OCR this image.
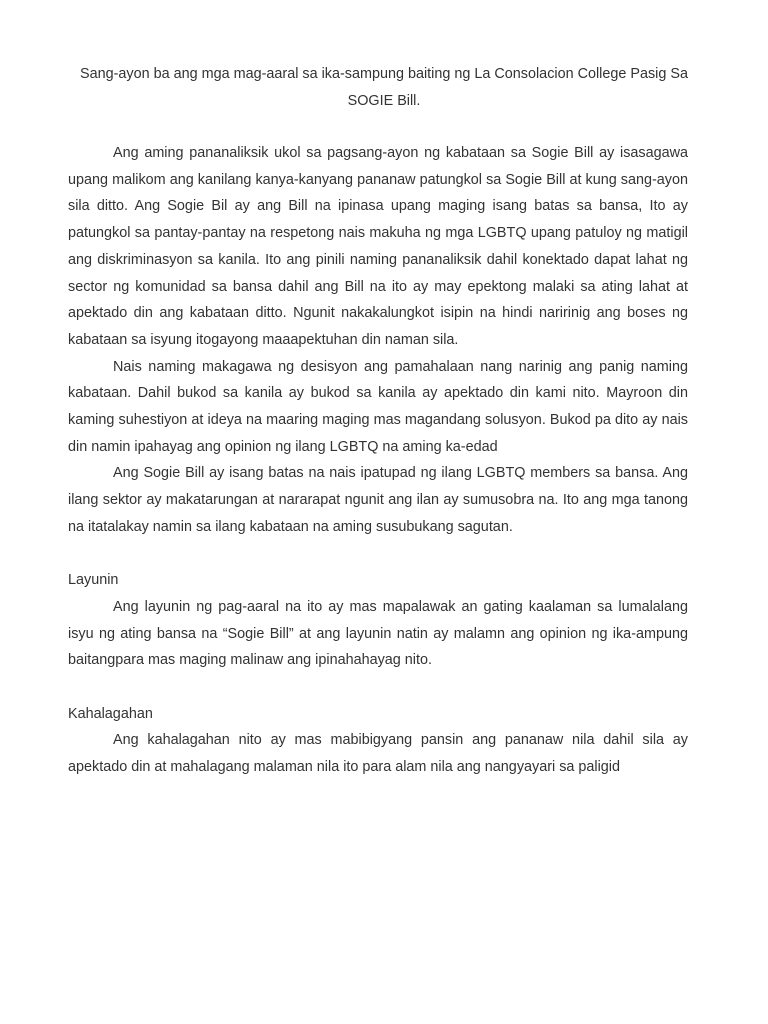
Sang-ayon ba ang mga mag-aaral sa ika-sampung baiting ng La Consolacion College Pasig Sa SOGIE Bill.

Ang aming pananaliksik ukol sa pagsang-ayon ng kabataan sa Sogie Bill ay isasagawa upang malikom ang kanilang kanya-kanyang pananaw patungkol sa Sogie Bill at kung sang-ayon sila ditto. Ang Sogie Bil ay ang Bill na ipinasa upang maging isang batas sa bansa, Ito ay patungkol sa pantay-pantay na respetong nais makuha ng mga LGBTQ upang patuloy ng matigil ang diskriminasyon sa kanila. Ito ang pinili naming pananaliksik dahil konektado dapat lahat ng sector ng komunidad sa bansa dahil ang Bill na ito ay may epektong malaki sa ating lahat at apektado din ang kabataan ditto. Ngunit nakakalungkot isipin na hindi naririnig ang boses ng kabataan sa isyung itogayong maaapektuhan din naman sila.

Nais naming makagawa ng desisyon ang pamahalaan nang narinig ang panig naming kabataan. Dahil bukod sa kanila ay bukod sa kanila ay apektado din kami nito. Mayroon din kaming suhestiyon at ideya na maaring maging mas magandang solusyon. Bukod pa dito ay nais din namin ipahayag ang opinion ng ilang LGBTQ na aming ka-edad

Ang Sogie Bill ay isang batas na nais ipatupad ng ilang LGBTQ members sa bansa. Ang ilang sektor ay makatarungan at nararapat ngunit ang ilan ay sumusobra na. Ito ang mga tanong na itatalakay namin sa ilang kabataan na aming susubukang sagutan.

Layunin

Ang layunin ng pag-aaral na ito ay mas mapalawak an gating kaalaman sa lumalalang isyu ng ating bansa na “Sogie Bill” at ang layunin natin ay malamn ang opinion ng ika-ampung baitangpara mas maging malinaw ang ipinahahayag nito.

Kahalagahan

Ang kahalagahan nito ay mas mabibigyang pansin ang pananaw nila dahil sila ay apektado din at mahalagang malaman nila ito para alam nila ang nangyayari sa paligid
